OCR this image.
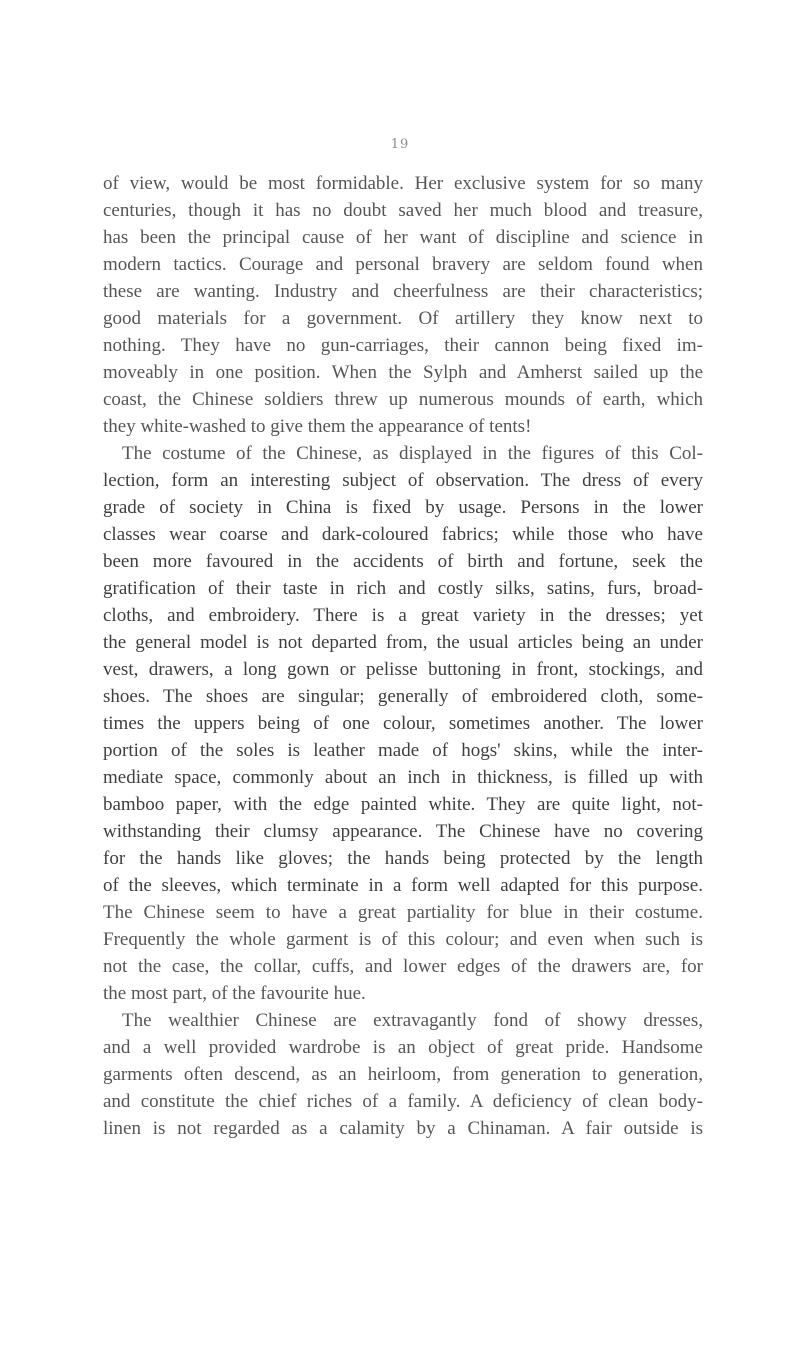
19
of view, would be most formidable. Her exclusive system for so many
centuries, though it has no doubt saved her much blood and treasure,
has been the principal cause of her want of discipline and science in
modern tactics. Courage and personal bravery are seldom found when
these are wanting. Industry and cheerfulness are their characteristics;
good materials for a government. Of artillery they know next to
nothing. They have no gun-carriages, their cannon being fixed im-
moveably in one position. When the Sylph and Amherst sailed up the
coast, the Chinese soldiers threw up numerous mounds of earth, which
they white-washed to give them the appearance of tents!
The costume of the Chinese, as displayed in the figures of this Col-
lection, form an interesting subject of observation. The dress of every
grade of society in China is fixed by usage. Persons in the lower
classes wear coarse and dark-coloured fabrics; while those who have
been more favoured in the accidents of birth and fortune, seek the
gratification of their taste in rich and costly silks, satins, furs, broad-
cloths, and embroidery. There is a great variety in the dresses; yet
the general model is not departed from, the usual articles being an under
vest, drawers, a long gown or pelisse buttoning in front, stockings, and
shoes. The shoes are singular; generally of embroidered cloth, some-
times the uppers being of one colour, sometimes another. The lower
portion of the soles is leather made of hogs' skins, while the inter-
mediate space, commonly about an inch in thickness, is filled up with
bamboo paper, with the edge painted white. They are quite light, not-
withstanding their clumsy appearance. The Chinese have no covering
for the hands like gloves; the hands being protected by the length
of the sleeves, which terminate in a form well adapted for this purpose.
The Chinese seem to have a great partiality for blue in their costume.
Frequently the whole garment is of this colour; and even when such is
not the case, the collar, cuffs, and lower edges of the drawers are, for
the most part, of the favourite hue.
The wealthier Chinese are extravagantly fond of showy dresses,
and a well provided wardrobe is an object of great pride. Handsome
garments often descend, as an heirloom, from generation to generation,
and constitute the chief riches of a family. A deficiency of clean body-
linen is not regarded as a calamity by a Chinaman. A fair outside is
